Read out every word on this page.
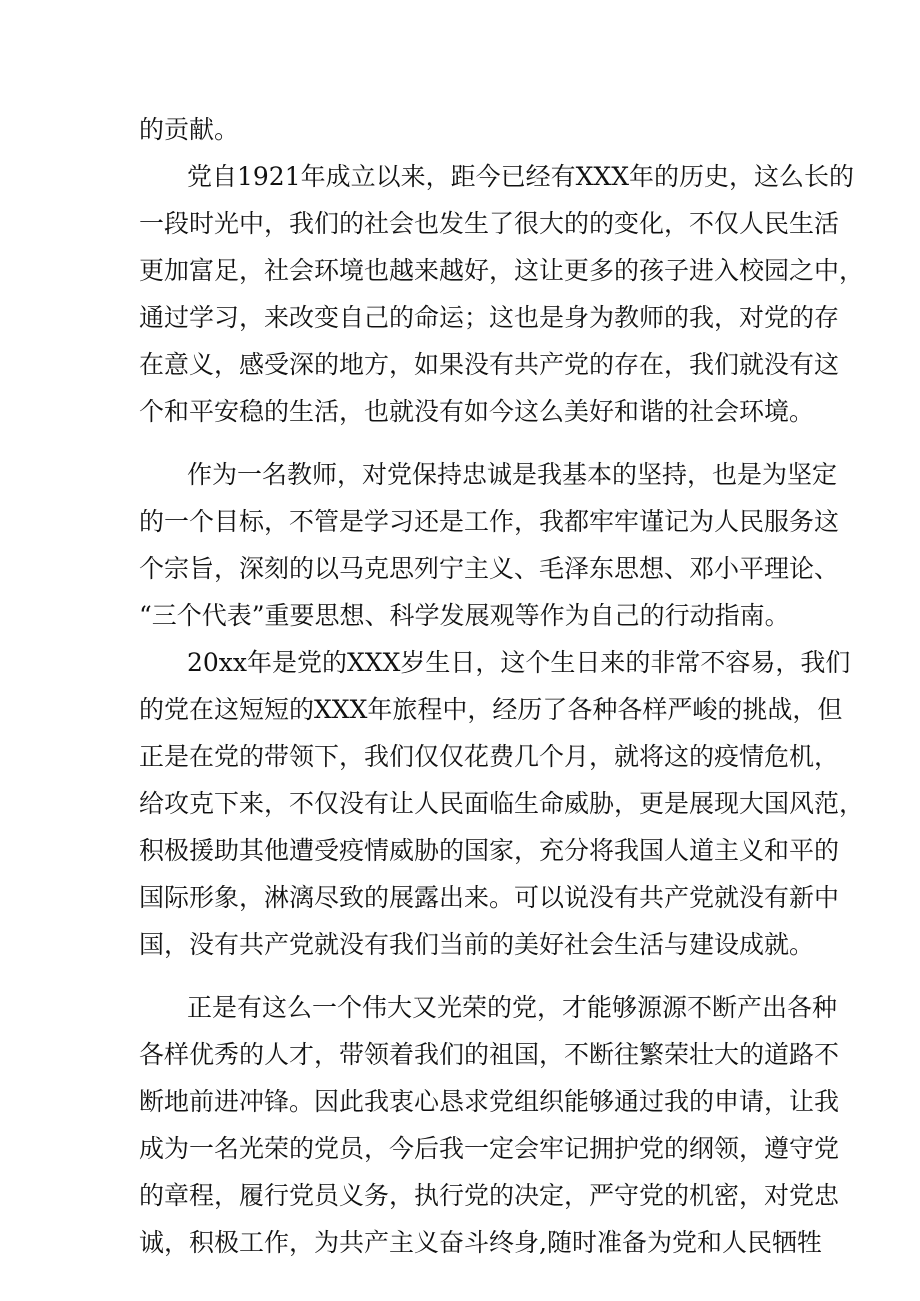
的贡献。
党自1921年成立以来，距今已经有XXX年的历史，这么长的
一段时光中，我们的社会也发生了很大的的变化，不仅人民生活
更加富足，社会环境也越来越好，这让更多的孩子进入校园之中，
通过学习，来改变自己的命运；这也是身为教师的我，对党的存
在意义，感受深的地方，如果没有共产党的存在，我们就没有这
个和平安稳的生活，也就没有如今这么美好和谐的社会环境。
作为一名教师，对党保持忠诚是我基本的坚持，也是为坚定
的一个目标，不管是学习还是工作，我都牢牢谨记为人民服务这
个宗旨，深刻的以马克思列宁主义、毛泽东思想、邓小平理论、
“三个代表”重要思想、科学发展观等作为自己的行动指南。
20xx年是党的XXX岁生日，这个生日来的非常不容易，我们
的党在这短短的XXX年旅程中，经历了各种各样严峻的挑战，但
正是在党的带领下，我们仅仅花费几个月，就将这的疫情危机，
给攻克下来，不仅没有让人民面临生命威胁，更是展现大国风范，
积极援助其他遭受疫情威胁的国家，充分将我国人道主义和平的
国际形象，淋漓尽致的展露出来。可以说没有共产党就没有新中
国，没有共产党就没有我们当前的美好社会生活与建设成就。
正是有这么一个伟大又光荣的党，才能够源源不断产出各种
各样优秀的人才，带领着我们的祖国，不断往繁荣壮大的道路不
断地前进冲锋。因此我衷心恳求党组织能够通过我的申请，让我
成为一名光荣的党员，今后我一定会牢记拥护党的纲领，遵守党
的章程，履行党员义务，执行党的决定，严守党的机密，对党忠
诚，积极工作，为共产主义奋斗终身,随时准备为党和人民牺牲
